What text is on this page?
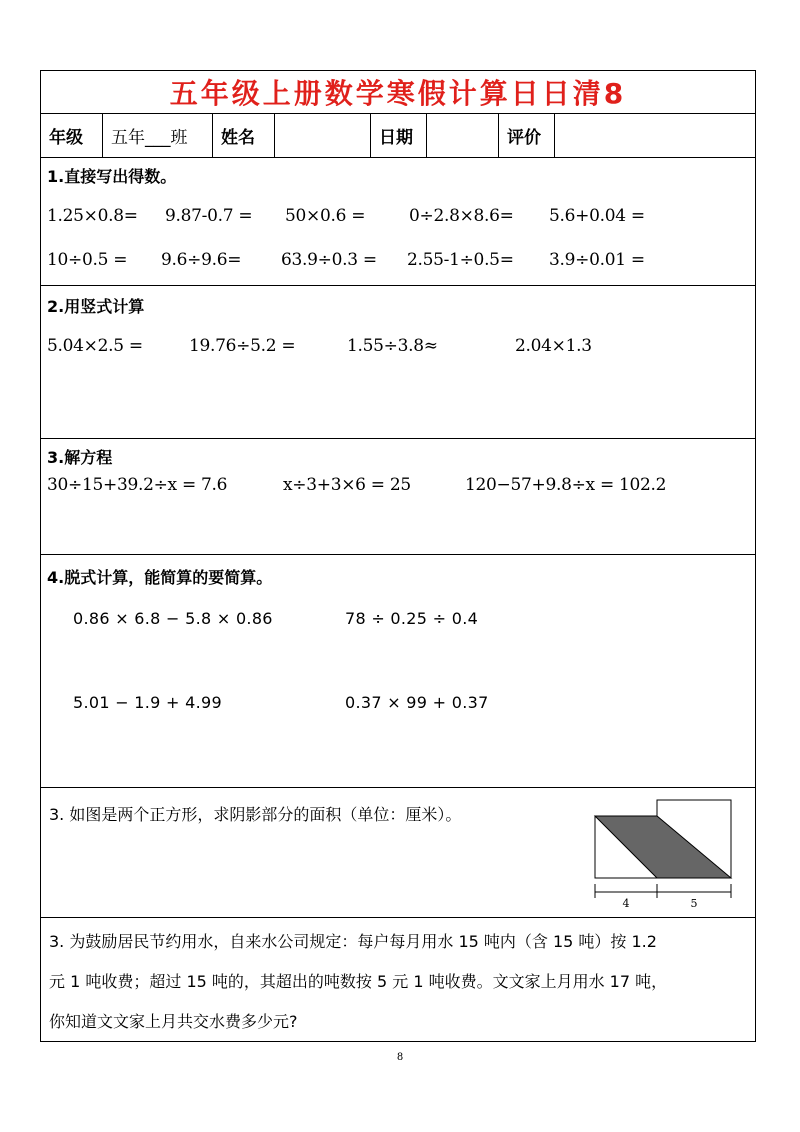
五年级上册数学寒假计算日日清8
年级	五年___班	姓名	日期	评价
1.直接写出得数。
1.25×0.8= 9.87-0.7 = 50×0.6 =	0÷2.8×8.6= 5.6+0.04 =
10÷0.5 = 9.6÷9.6= 63.9÷0.3 = 2.55-1÷0.5= 3.9÷0.01 =
2.用竖式计算
5.04×2.5 =	19.76÷5.2 =	1.55÷3.8≈	2.04×1.3
3.解方程
30÷15+39.2÷x = 7.6	x÷3+3×6 = 25	120−57+9.8÷x = 102.2
4.脱式计算，能简算的要简算。
0.86 × 6.8 − 5.8 × 0.86	78 ÷ 0.25 ÷ 0.4
5.01 − 1.9 + 4.99	0.37 × 99 + 0.37
3. 如图是两个正方形，求阴影部分的面积（单位：厘米）。
4	5
3. 为鼓励居民节约用水，自来水公司规定：每户每月用水 15 吨内（含 15 吨）按 1.2
元 1 吨收费；超过 15 吨的，其超出的吨数按 5 元 1 吨收费。文文家上月用水 17 吨，
你知道文文家上月共交水费多少元?
8
